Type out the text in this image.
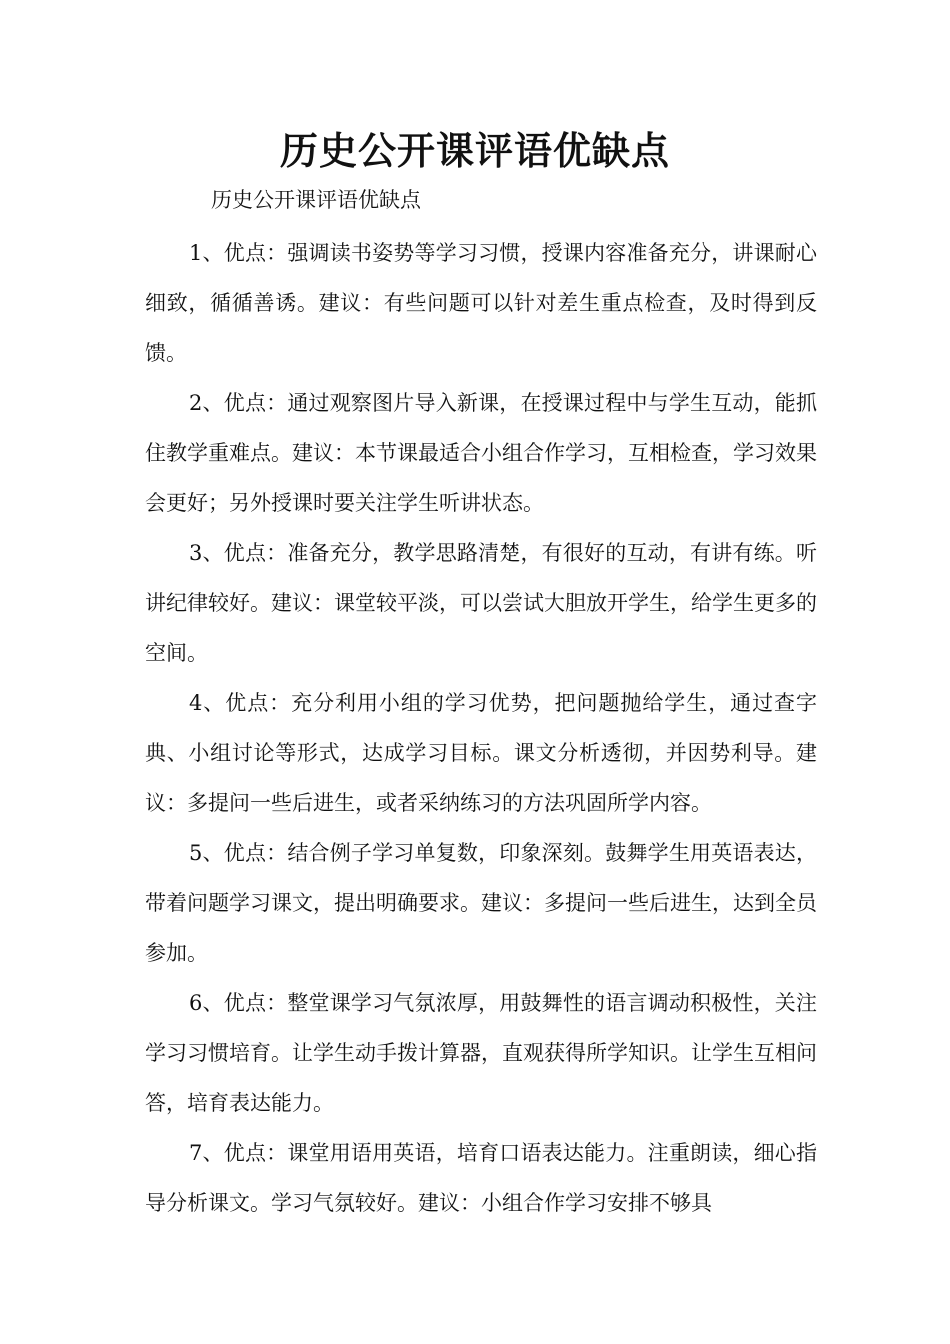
历史公开课评语优缺点

历史公开课评语优缺点

1、优点：强调读书姿势等学习习惯，授课内容准备充分，讲课耐心细致，循循善诱。建议：有些问题可以针对差生重点检查，及时得到反馈。

2、优点：通过观察图片导入新课，在授课过程中与学生互动，能抓住教学重难点。建议：本节课最适合小组合作学习，互相检查，学习效果会更好；另外授课时要关注学生听讲状态。

3、优点：准备充分，教学思路清楚，有很好的互动，有讲有练。听讲纪律较好。建议：课堂较平淡，可以尝试大胆放开学生，给学生更多的空间。

4、优点：充分利用小组的学习优势，把问题抛给学生，通过查字典、小组讨论等形式，达成学习目标。课文分析透彻，并因势利导。建议：多提问一些后进生，或者采纳练习的方法巩固所学内容。

5、优点：结合例子学习单复数，印象深刻。鼓舞学生用英语表达，带着问题学习课文，提出明确要求。建议：多提问一些后进生，达到全员参加。

6、优点：整堂课学习气氛浓厚，用鼓舞性的语言调动积极性，关注学习习惯培育。让学生动手拨计算器，直观获得所学知识。让学生互相问答，培育表达能力。

7、优点：课堂用语用英语，培育口语表达能力。注重朗读，细心指导分析课文。学习气氛较好。建议：小组合作学习安排不够具
